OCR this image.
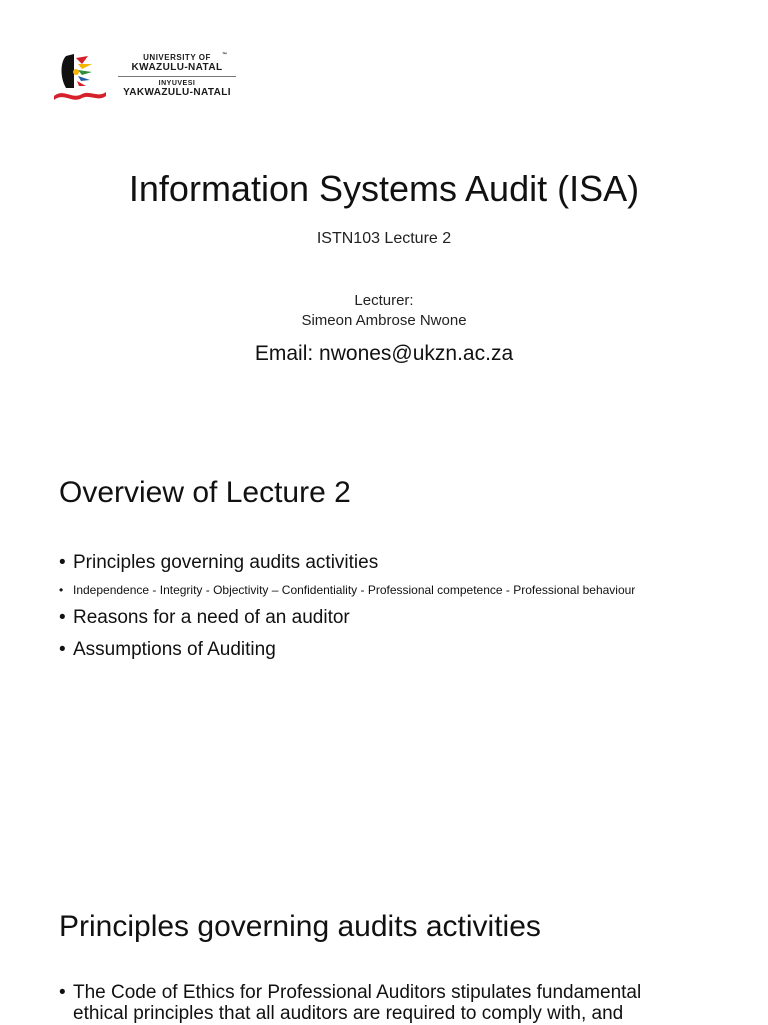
UNIVERSITY OF
KWAZULU-NATAL
INYUVESI
YAKWAZULU-NATALI
™
Information Systems Audit (ISA)
ISTN103 Lecture 2
Lecturer:
Simeon Ambrose Nwone
Email: nwones@ukzn.ac.za
Overview of Lecture 2
• Principles governing audits activities
• Independence - Integrity - Objectivity – Confidentiality - Professional competence - Professional behaviour
• Reasons for a need of an auditor
• Assumptions of Auditing
Principles governing audits activities
• The Code of Ethics for Professional Auditors stipulates fundamental
ethical principles that all auditors are required to comply with, and
